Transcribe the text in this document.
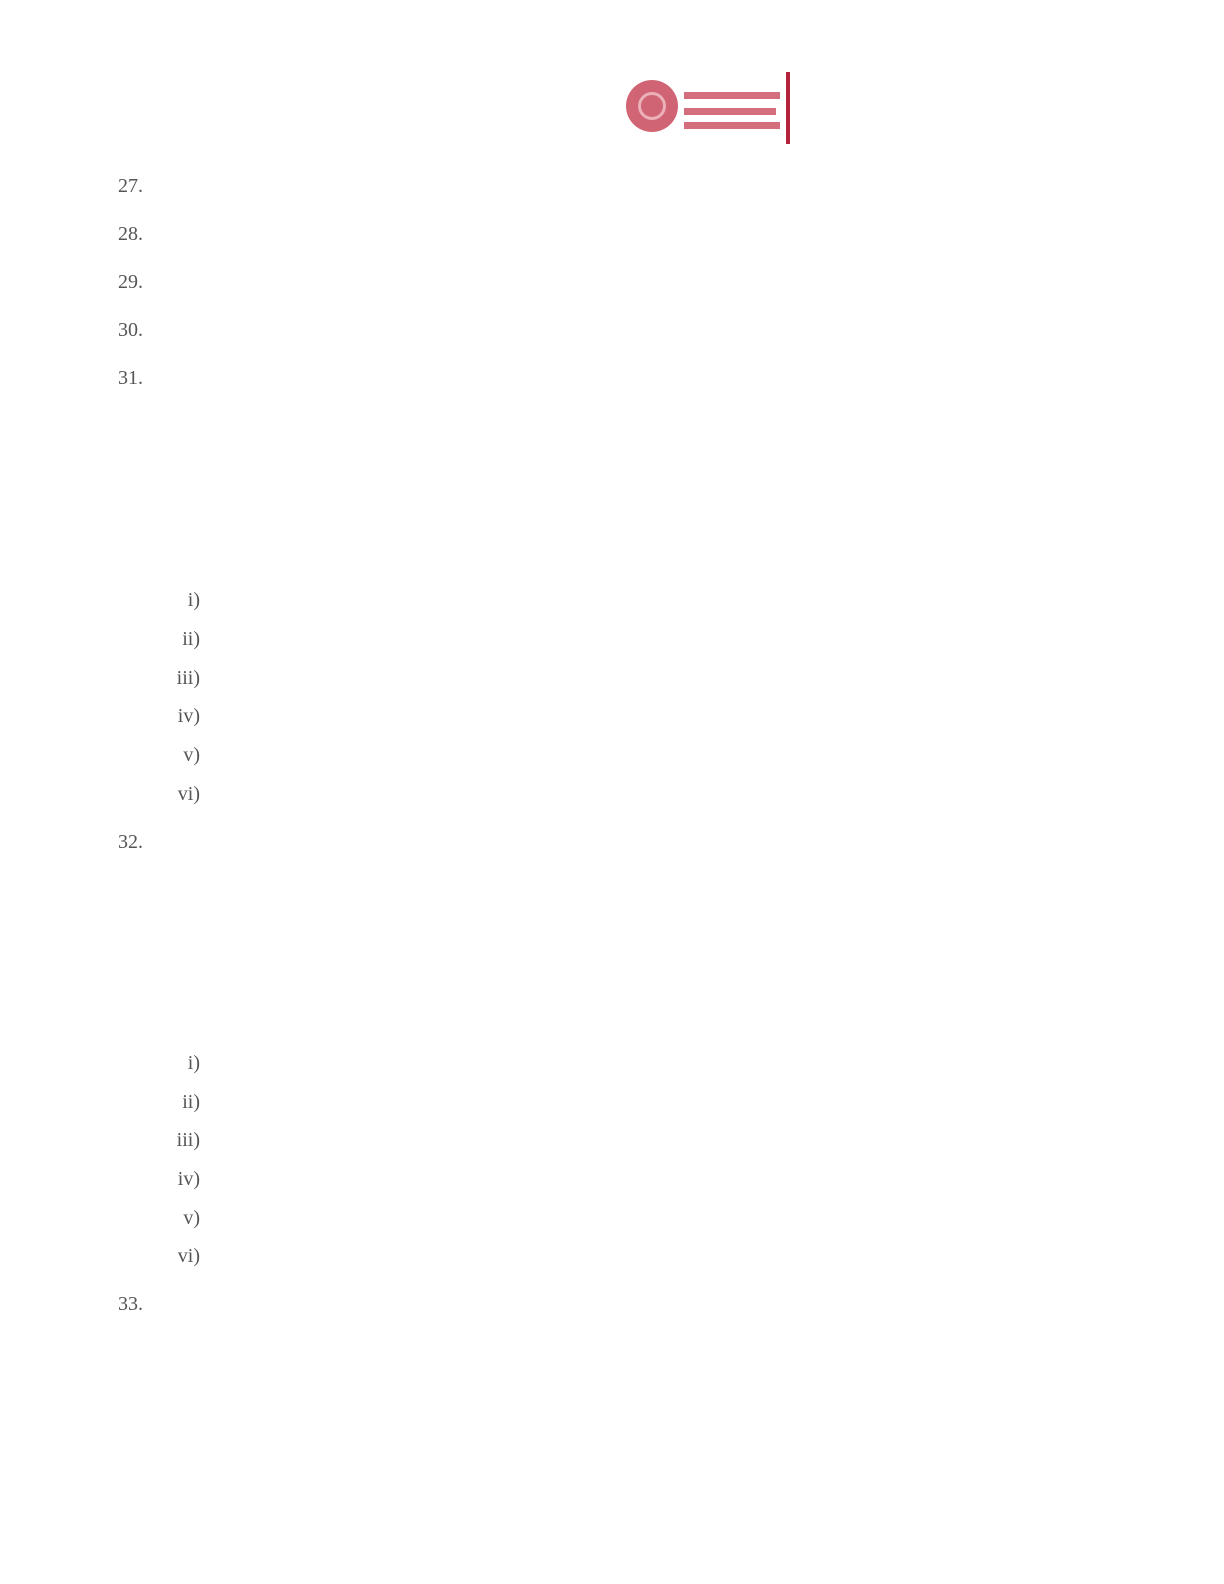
27.
28.
29.
30.
31.
i)
ii)
iii)
iv)
v)
vi)
32.
i)
ii)
iii)
iv)
v)
vi)
33.
